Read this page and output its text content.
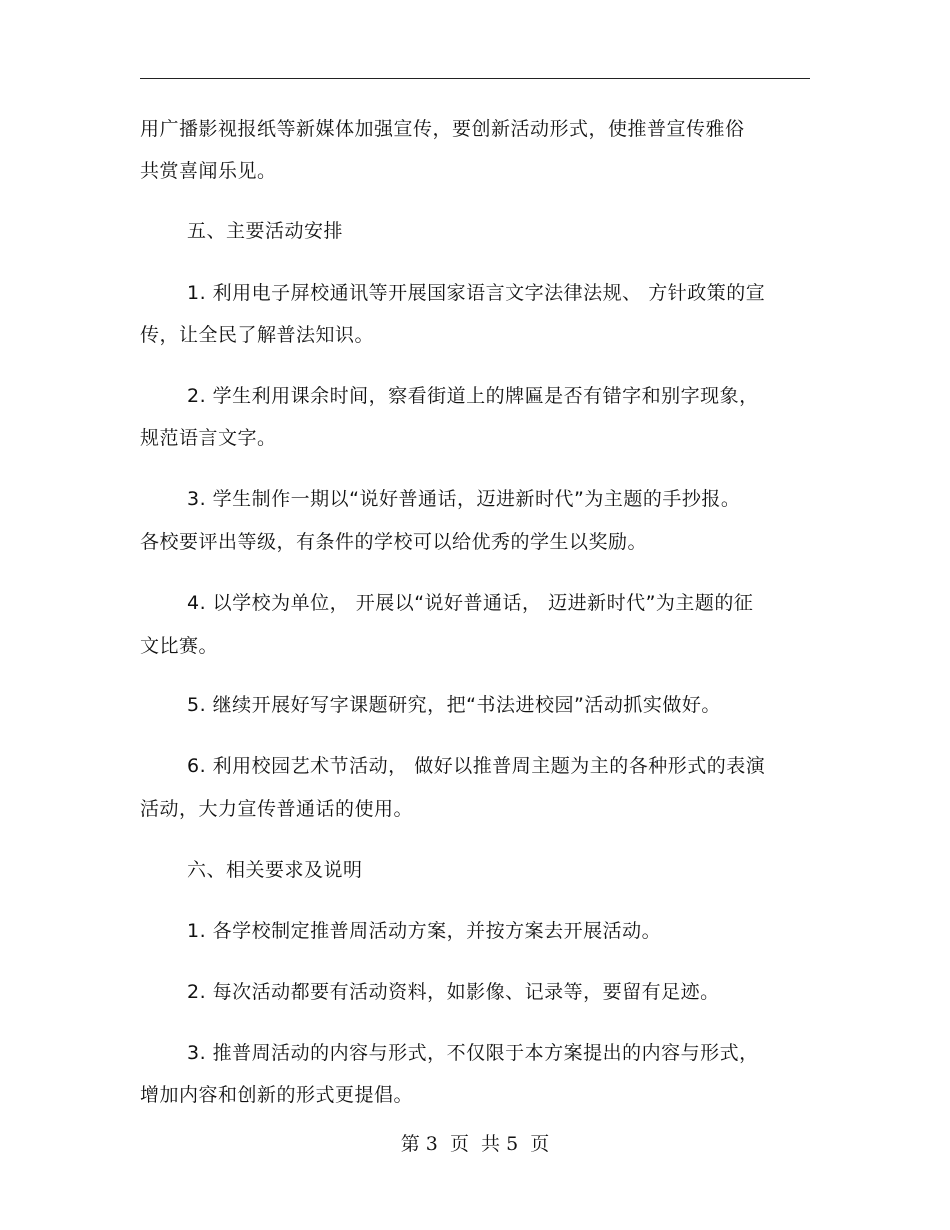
用广播影视报纸等新媒体加强宣传，要创新活动形式，使推普宣传雅俗
共赏喜闻乐见。
五、主要活动安排
1. 利用电子屏校通讯等开展国家语言文字法律法规、 方针政策的宣
传，让全民了解普法知识。
2. 学生利用课余时间，察看街道上的牌匾是否有错字和别字现象，
规范语言文字。
3. 学生制作一期以“说好普通话，迈进新时代”为主题的手抄报。
各校要评出等级，有条件的学校可以给优秀的学生以奖励。
4. 以学校为单位， 开展以“说好普通话， 迈进新时代”为主题的征
文比赛。
5. 继续开展好写字课题研究，把“书法进校园”活动抓实做好。
6. 利用校园艺术节活动， 做好以推普周主题为主的各种形式的表演
活动，大力宣传普通话的使用。
六、相关要求及说明
1. 各学校制定推普周活动方案，并按方案去开展活动。
2. 每次活动都要有活动资料，如影像、记录等，要留有足迹。
3. 推普周活动的内容与形式，不仅限于本方案提出的内容与形式，
增加内容和创新的形式更提倡。
第 3  页  共 5  页
